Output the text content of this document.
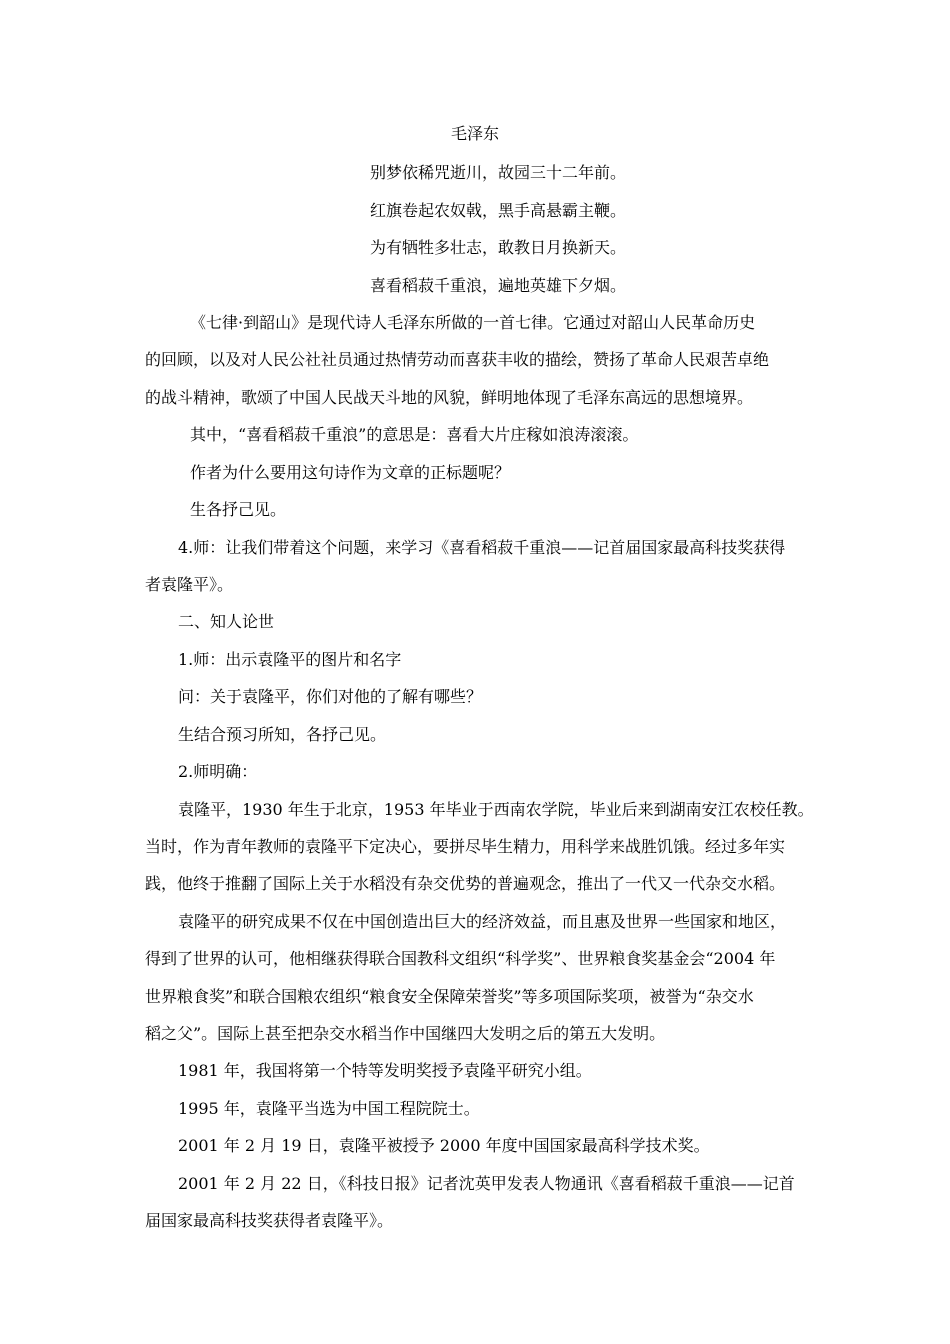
毛泽东
别梦依稀咒逝川，故园三十二年前。
红旗卷起农奴戟，黑手高悬霸主鞭。
为有牺牲多壮志，敢教日月换新天。
喜看稻菽千重浪，遍地英雄下夕烟。
《七律·到韶山》是现代诗人毛泽东所做的一首七律。它通过对韶山人民革命历史
的回顾，以及对人民公社社员通过热情劳动而喜获丰收的描绘，赞扬了革命人民艰苦卓绝
的战斗精神，歌颂了中国人民战天斗地的风貌，鲜明地体现了毛泽东高远的思想境界。
其中，“喜看稻菽千重浪”的意思是：喜看大片庄稼如浪涛滚滚。
作者为什么要用这句诗作为文章的正标题呢？
生各抒己见。
4.师：让我们带着这个问题，来学习《喜看稻菽千重浪——记首届国家最高科技奖获得
者袁隆平》。
二、知人论世
1.师：出示袁隆平的图片和名字
问：关于袁隆平，你们对他的了解有哪些？
生结合预习所知，各抒己见。
2.师明确：
袁隆平，1930 年生于北京，1953 年毕业于西南农学院，毕业后来到湖南安江农校任教。
当时，作为青年教师的袁隆平下定决心，要拼尽毕生精力，用科学来战胜饥饿。经过多年实
践，他终于推翻了国际上关于水稻没有杂交优势的普遍观念，推出了一代又一代杂交水稻。
袁隆平的研究成果不仅在中国创造出巨大的经济效益，而且惠及世界一些国家和地区，
得到了世界的认可，他相继获得联合国教科文组织“科学奖”、世界粮食奖基金会“2004 年
世界粮食奖”和联合国粮农组织“粮食安全保障荣誉奖”等多项国际奖项，被誉为“杂交水
稻之父”。国际上甚至把杂交水稻当作中国继四大发明之后的第五大发明。
1981 年，我国将第一个特等发明奖授予袁隆平研究小组。
1995 年，袁隆平当选为中国工程院院士。
2001 年 2 月 19 日，袁隆平被授予 2000 年度中国国家最高科学技术奖。
2001 年 2 月 22 日，《科技日报》记者沈英甲发表人物通讯《喜看稻菽千重浪——记首
届国家最高科技奖获得者袁隆平》。
